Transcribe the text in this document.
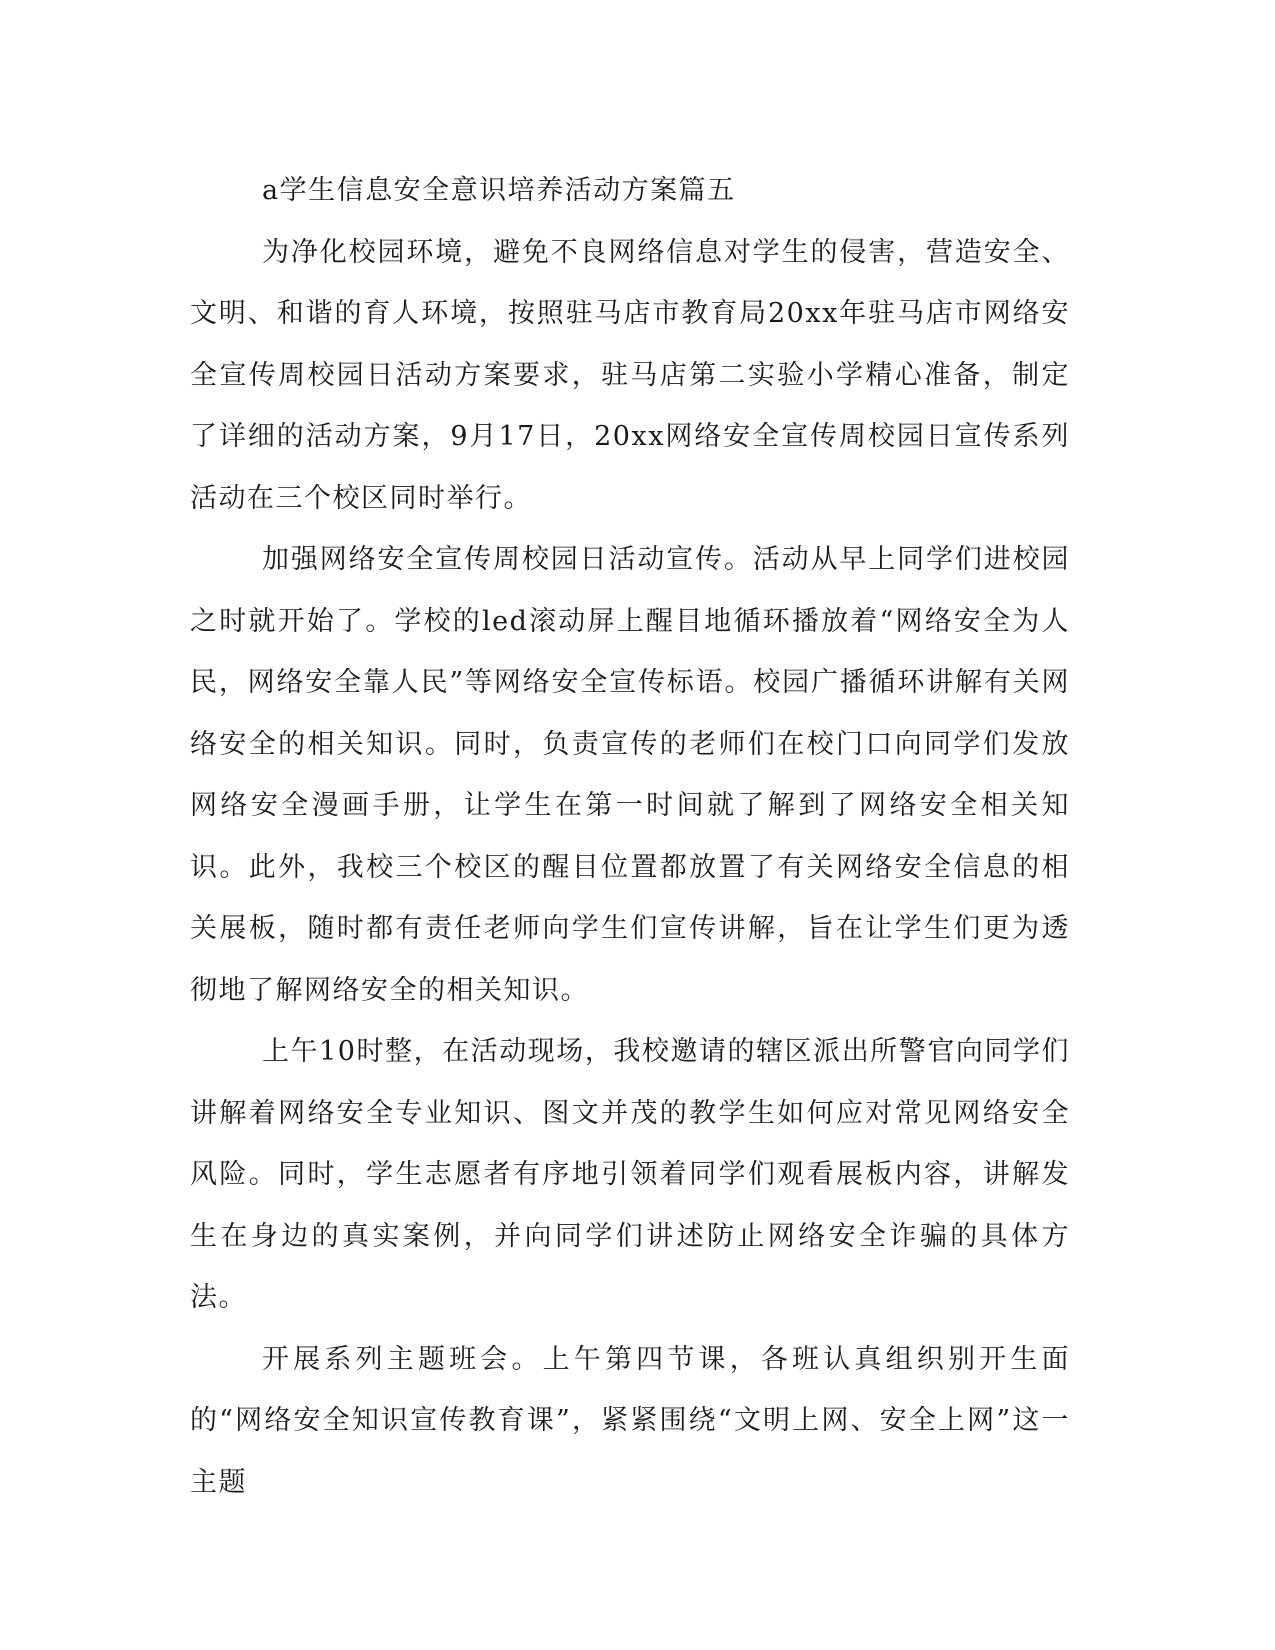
a学生信息安全意识培养活动方案篇五

为净化校园环境，避免不良网络信息对学生的侵害，营造安全、文明、和谐的育人环境，按照驻马店市教育局20xx年驻马店市网络安全宣传周校园日活动方案要求，驻马店第二实验小学精心准备，制定了详细的活动方案，9月17日，20xx网络安全宣传周校园日宣传系列活动在三个校区同时举行。

加强网络安全宣传周校园日活动宣传。活动从早上同学们进校园之时就开始了。学校的led滚动屏上醒目地循环播放着“网络安全为人民，网络安全靠人民”等网络安全宣传标语。校园广播循环讲解有关网络安全的相关知识。同时，负责宣传的老师们在校门口向同学们发放网络安全漫画手册，让学生在第一时间就了解到了网络安全相关知识。此外，我校三个校区的醒目位置都放置了有关网络安全信息的相关展板，随时都有责任老师向学生们宣传讲解，旨在让学生们更为透彻地了解网络安全的相关知识。

上午10时整，在活动现场，我校邀请的辖区派出所警官向同学们讲解着网络安全专业知识、图文并茂的教学生如何应对常见网络安全风险。同时，学生志愿者有序地引领着同学们观看展板内容，讲解发生在身边的真实案例，并向同学们讲述防止网络安全诈骗的具体方法。

开展系列主题班会。上午第四节课，各班认真组织别开生面的“网络安全知识宣传教育课”，紧紧围绕“文明上网、安全上网”这一主题
